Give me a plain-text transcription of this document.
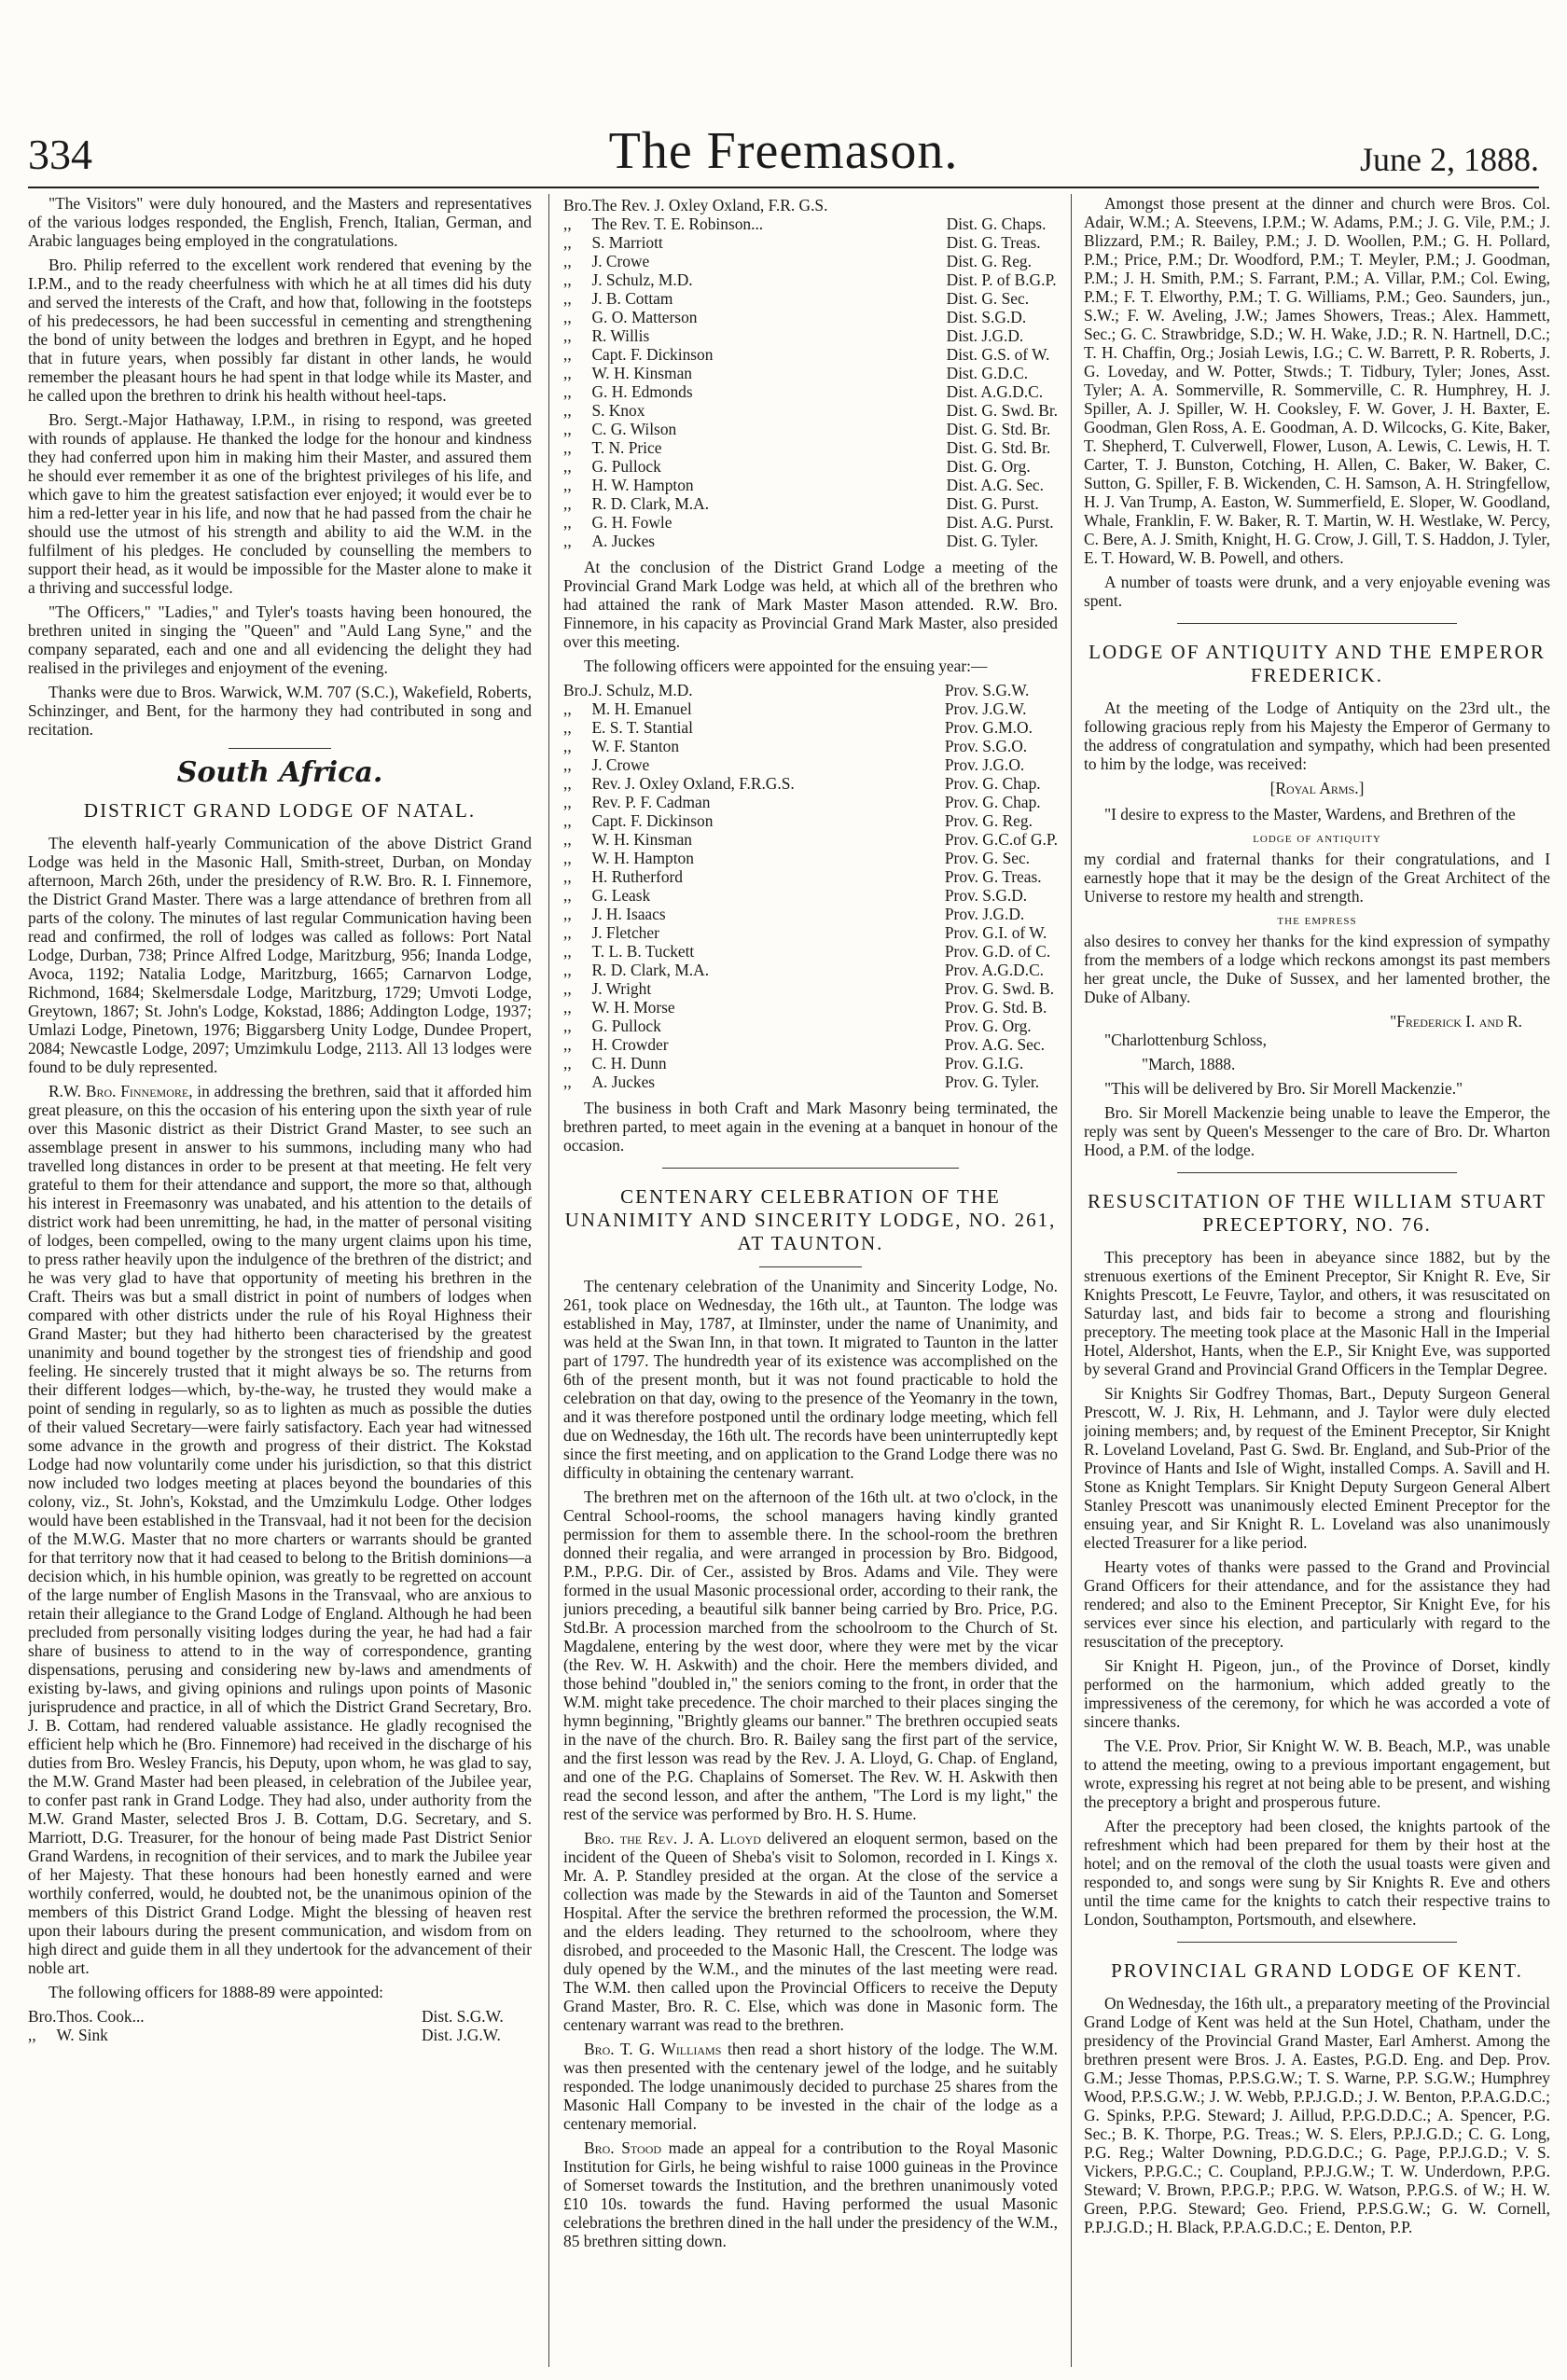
334	The Freemason.	June 2, 1888.

"The Visitors" were duly honoured, and the Masters and representatives of the various lodges responded, the English, French, Italian, German, and Arabic languages being employed in the congratulations.

Bro. Philip referred to the excellent work rendered that evening by the I.P.M., and to the ready cheerfulness with which he at all times did his duty and served the interests of the Craft, and how that, following in the footsteps of his predecessors, he had been successful in cementing and strengthening the bond of unity between the lodges and brethren in Egypt, and he hoped that in future years, when possibly far distant in other lands, he would remember the pleasant hours he had spent in that lodge while its Master, and he called upon the brethren to drink his health without heel-taps.

Bro. Sergt.-Major Hathaway, I.P.M., in rising to respond, was greeted with rounds of applause. He thanked the lodge for the honour and kindness they had conferred upon him in making him their Master, and assured them he should ever remember it as one of the brightest privileges of his life, and which gave to him the greatest satisfaction ever enjoyed; it would ever be to him a red-letter year in his life, and now that he had passed from the chair he should use the utmost of his strength and ability to aid the W.M. in the fulfilment of his pledges. He concluded by counselling the members to support their head, as it would be impossible for the Master alone to make it a thriving and successful lodge.

"The Officers," "Ladies," and Tyler's toasts having been honoured, the brethren united in singing the "Queen" and "Auld Lang Syne," and the company separated, each and one and all evidencing the delight they had realised in the privileges and enjoyment of the evening.

Thanks were due to Bros. Warwick, W.M. 707 (S.C.), Wakefield, Roberts, Schinzinger, and Bent, for the harmony they had contributed in song and recitation.

South Africa.
DISTRICT GRAND LODGE OF NATAL.

The eleventh half-yearly Communication of the above District Grand Lodge was held in the Masonic Hall, Smith-street, Durban, on Monday afternoon, March 26th, under the presidency of R.W. Bro. R. I. Finnemore, the District Grand Master. There was a large attendance of brethren from all parts of the colony. The minutes of last regular Communication having been read and confirmed, the roll of lodges was called as follows: Port Natal Lodge, Durban, 738; Prince Alfred Lodge, Maritzburg, 956; Inanda Lodge, Avoca, 1192; Natalia Lodge, Maritzburg, 1665; Carnarvon Lodge, Richmond, 1684; Skelmersdale Lodge, Maritzburg, 1729; Umvoti Lodge, Greytown, 1867; St. John's Lodge, Kokstad, 1886; Addington Lodge, 1937; Umlazi Lodge, Pinetown, 1976; Biggarsberg Unity Lodge, Dundee Propert, 2084; Newcastle Lodge, 2097; Umzimkulu Lodge, 2113. All 13 lodges were found to be duly represented.

R.W. Bro. Finnemore, in addressing the brethren, said that it afforded him great pleasure, on this the occasion of his entering upon the sixth year of rule over this Masonic district as their District Grand Master, to see such an assemblage present in answer to his summons, including many who had travelled long distances in order to be present at that meeting. He felt very grateful to them for their attendance and support, the more so that, although his interest in Freemasonry was unabated, and his attention to the details of district work had been unremitting, he had, in the matter of personal visiting of lodges, been compelled, owing to the many urgent claims upon his time, to press rather heavily upon the indulgence of the brethren of the district; and he was very glad to have that opportunity of meeting his brethren in the Craft. Theirs was but a small district in point of numbers of lodges when compared with other districts under the rule of his Royal Highness their Grand Master; but they had hitherto been characterised by the greatest unanimity and bound together by the strongest ties of friendship and good feeling. He sincerely trusted that it might always be so. The returns from their different lodges—which, by-the-way, he trusted they would make a point of sending in regularly, so as to lighten as much as possible the duties of their valued Secretary—were fairly satisfactory. Each year had witnessed some advance in the growth and progress of their district. The Kokstad Lodge had now voluntarily come under his jurisdiction, so that this district now included two lodges meeting at places beyond the boundaries of this colony, viz., St. John's, Kokstad, and the Umzimkulu Lodge. Other lodges would have been established in the Transvaal, had it not been for the decision of the M.W.G. Master that no more charters or warrants should be granted for that territory now that it had ceased to belong to the British dominions—a decision which, in his humble opinion, was greatly to be regretted on account of the large number of English Masons in the Transvaal, who are anxious to retain their allegiance to the Grand Lodge of England. Although he had been precluded from personally visiting lodges during the year, he had had a fair share of business to attend to in the way of correspondence, granting dispensations, perusing and considering new by-laws and amendments of existing by-laws, and giving opinions and rulings upon points of Masonic jurisprudence and practice, in all of which the District Grand Secretary, Bro. J. B. Cottam, had rendered valuable assistance. He gladly recognised the efficient help which he (Bro. Finnemore) had received in the discharge of his duties from Bro. Wesley Francis, his Deputy, upon whom, he was glad to say, the M.W. Grand Master had been pleased, in celebration of the Jubilee year, to confer past rank in Grand Lodge. They had also, under authority from the M.W. Grand Master, selected Bros J. B. Cottam, D.G. Secretary, and S. Marriott, D.G. Treasurer, for the honour of being made Past District Senior Grand Wardens, in recognition of their services, and to mark the Jubilee year of her Majesty. That these honours had been honestly earned and were worthily conferred, would, he doubted not, be the unanimous opinion of the members of this District Grand Lodge. Might the blessing of heaven rest upon their labours during the present communication, and wisdom from on high direct and guide them in all they undertook for the advancement of their noble art.

The following officers for 1888-89 were appointed:

Bro.	Thos. Cook...	Dist. S.G.W.
,,	W. Sink	Dist. J.G.W.
Bro.	The Rev. J. Oxley Oxland, F.R. G.S.	
,,	The Rev. T. E. Robinson...	Dist. G. Chaps.
,,	S. Marriott	Dist. G. Treas.
,,	J. Crowe	Dist. G. Reg.
,,	J. Schulz, M.D.	Dist. P. of B.G.P.
,,	J. B. Cottam	Dist. G. Sec.
,,	G. O. Matterson	Dist. S.G.D.
,,	R. Willis	Dist. J.G.D.
,,	Capt. F. Dickinson	Dist. G.S. of W.
,,	W. H. Kinsman	Dist. G.D.C.
,,	G. H. Edmonds	Dist. A.G.D.C.
,,	S. Knox	Dist. G. Swd. Br.
,,	C. G. Wilson	Dist. G. Std. Br.
,,	T. N. Price	Dist. G. Std. Br.
,,	G. Pullock	Dist. G. Org.
,,	H. W. Hampton	Dist. A.G. Sec.
,,	R. D. Clark, M.A.	Dist. G. Purst.
,,	G. H. Fowle	Dist. A.G. Purst.
,,	A. Juckes	Dist. G. Tyler.

At the conclusion of the District Grand Lodge a meeting of the Provincial Grand Mark Lodge was held, at which all of the brethren who had attained the rank of Mark Master Mason attended. R.W. Bro. Finnemore, in his capacity as Provincial Grand Mark Master, also presided over this meeting.

The following officers were appointed for the ensuing year:—

Bro.	J. Schulz, M.D.	Prov. S.G.W.
,,	M. H. Emanuel	Prov. J.G.W.
,,	E. S. T. Stantial	Prov. G.M.O.
,,	W. F. Stanton	Prov. S.G.O.
,,	J. Crowe	Prov. J.G.O.
,,	Rev. J. Oxley Oxland, F.R.G.S.	Prov. G. Chap.
,,	Rev. P. F. Cadman	Prov. G. Chap.
,,	Capt. F. Dickinson	Prov. G. Reg.
,,	W. H. Kinsman	Prov. G.C.of G.P.
,,	W. H. Hampton	Prov. G. Sec.
,,	H. Rutherford	Prov. G. Treas.
,,	G. Leask	Prov. S.G.D.
,,	J. H. Isaacs	Prov. J.G.D.
,,	J. Fletcher	Prov. G.I. of W.
,,	T. L. B. Tuckett	Prov. G.D. of C.
,,	R. D. Clark, M.A.	Prov. A.G.D.C.
,,	J. Wright	Prov. G. Swd. B.
,,	W. H. Morse	Prov. G. Std. B.
,,	G. Pullock	Prov. G. Org.
,,	H. Crowder	Prov. A.G. Sec.
,,	C. H. Dunn	Prov. G.I.G.
,,	A. Juckes	Prov. G. Tyler.

The business in both Craft and Mark Masonry being terminated, the brethren parted, to meet again in the evening at a banquet in honour of the occasion.

CENTENARY CELEBRATION OF THE UNANIMITY AND SINCERITY LODGE, NO. 261, AT TAUNTON.

The centenary celebration of the Unanimity and Sincerity Lodge, No. 261, took place on Wednesday, the 16th ult., at Taunton. The lodge was established in May, 1787, at Ilminster, under the name of Unanimity, and was held at the Swan Inn, in that town. It migrated to Taunton in the latter part of 1797. The hundredth year of its existence was accomplished on the 6th of the present month, but it was not found practicable to hold the celebration on that day, owing to the presence of the Yeomanry in the town, and it was therefore postponed until the ordinary lodge meeting, which fell due on Wednesday, the 16th ult. The records have been uninterruptedly kept since the first meeting, and on application to the Grand Lodge there was no difficulty in obtaining the centenary warrant.

The brethren met on the afternoon of the 16th ult. at two o'clock, in the Central School-rooms, the school managers having kindly granted permission for them to assemble there. In the school-room the brethren donned their regalia, and were arranged in procession by Bro. Bidgood, P.M., P.P.G. Dir. of Cer., assisted by Bros. Adams and Vile. They were formed in the usual Masonic processional order, according to their rank, the juniors preceding, a beautiful silk banner being carried by Bro. Price, P.G. Std.Br. A procession marched from the schoolroom to the Church of St. Magdalene, entering by the west door, where they were met by the vicar (the Rev. W. H. Askwith) and the choir. Here the members divided, and those behind "doubled in," the seniors coming to the front, in order that the W.M. might take precedence. The choir marched to their places singing the hymn beginning, "Brightly gleams our banner." The brethren occupied seats in the nave of the church. Bro. R. Bailey sang the first part of the service, and the first lesson was read by the Rev. J. A. Lloyd, G. Chap. of England, and one of the P.G. Chaplains of Somerset. The Rev. W. H. Askwith then read the second lesson, and after the anthem, "The Lord is my light," the rest of the service was performed by Bro. H. S. Hume.

Bro. the Rev. J. A. Lloyd delivered an eloquent sermon, based on the incident of the Queen of Sheba's visit to Solomon, recorded in I. Kings x. Mr. A. P. Standley presided at the organ. At the close of the service a collection was made by the Stewards in aid of the Taunton and Somerset Hospital. After the service the brethren reformed the procession, the W.M. and the elders leading. They returned to the schoolroom, where they disrobed, and proceeded to the Masonic Hall, the Crescent. The lodge was duly opened by the W.M., and the minutes of the last meeting were read. The W.M. then called upon the Provincial Officers to receive the Deputy Grand Master, Bro. R. C. Else, which was done in Masonic form. The centenary warrant was read to the brethren.

Bro. T. G. Williams then read a short history of the lodge. The W.M. was then presented with the centenary jewel of the lodge, and he suitably responded. The lodge unanimously decided to purchase 25 shares from the Masonic Hall Company to be invested in the chair of the lodge as a centenary memorial.

Bro. Stood made an appeal for a contribution to the Royal Masonic Institution for Girls, he being wishful to raise 1000 guineas in the Province of Somerset towards the Institution, and the brethren unanimously voted £10 10s. towards the fund. Having performed the usual Masonic celebrations the brethren dined in the hall under the presidency of the W.M., 85 brethren sitting down.

Amongst those present at the dinner and church were Bros. Col. Adair, W.M.; A. Steevens, I.P.M.; W. Adams, P.M.; J. G. Vile, P.M.; J. Blizzard, P.M.; R. Bailey, P.M.; J. D. Woollen, P.M.; G. H. Pollard, P.M.; Price, P.M.; Dr. Woodford, P.M.; T. Meyler, P.M.; J. Goodman, P.M.; J. H. Smith, P.M.; S. Farrant, P.M.; A. Villar, P.M.; Col. Ewing, P.M.; F. T. Elworthy, P.M.; T. G. Williams, P.M.; Geo. Saunders, jun., S.W.; F. W. Aveling, J.W.; James Showers, Treas.; Alex. Hammett, Sec.; G. C. Strawbridge, S.D.; W. H. Wake, J.D.; R. N. Hartnell, D.C.; T. H. Chaffin, Org.; Josiah Lewis, I.G.; C. W. Barrett, P. R. Roberts, J. G. Loveday, and W. Potter, Stwds.; T. Tidbury, Tyler; Jones, Asst. Tyler; A. A. Sommerville, R. Sommerville, C. R. Humphrey, H. J. Spiller, A. J. Spiller, W. H. Cooksley, F. W. Gover, J. H. Baxter, E. Goodman, Glen Ross, A. E. Goodman, A. D. Wilcocks, G. Kite, Baker, T. Shepherd, T. Culverwell, Flower, Luson, A. Lewis, C. Lewis, H. T. Carter, T. J. Bunston, Cotching, H. Allen, C. Baker, W. Baker, C. Sutton, G. Spiller, F. B. Wickenden, C. H. Samson, A. H. Stringfellow, H. J. Van Trump, A. Easton, W. Summerfield, E. Sloper, W. Goodland, Whale, Franklin, F. W. Baker, R. T. Martin, W. H. Westlake, W. Percy, C. Bere, A. J. Smith, Knight, H. G. Crow, J. Gill, T. S. Haddon, J. Tyler, E. T. Howard, W. B. Powell, and others.

A number of toasts were drunk, and a very enjoyable evening was spent.

LODGE OF ANTIQUITY AND THE EMPEROR FREDERICK.

At the meeting of the Lodge of Antiquity on the 23rd ult., the following gracious reply from his Majesty the Emperor of Germany to the address of congratulation and sympathy, which had been presented to him by the lodge, was received:

[Royal Arms.]

"I desire to express to the Master, Wardens, and Brethren of the

lodge of antiquity

my cordial and fraternal thanks for their congratulations, and I earnestly hope that it may be the design of the Great Architect of the Universe to restore my health and strength.

the empress

also desires to convey her thanks for the kind expression of sympathy from the members of a lodge which reckons amongst its past members her great uncle, the Duke of Sussex, and her lamented brother, the Duke of Albany.

"Frederick I. and R.

"Charlottenburg Schloss,

"March, 1888.

"This will be delivered by Bro. Sir Morell Mackenzie."

Bro. Sir Morell Mackenzie being unable to leave the Emperor, the reply was sent by Queen's Messenger to the care of Bro. Dr. Wharton Hood, a P.M. of the lodge.

RESUSCITATION OF THE WILLIAM STUART PRECEPTORY, NO. 76.

This preceptory has been in abeyance since 1882, but by the strenuous exertions of the Eminent Preceptor, Sir Knight R. Eve, Sir Knights Prescott, Le Feuvre, Taylor, and others, it was resuscitated on Saturday last, and bids fair to become a strong and flourishing preceptory. The meeting took place at the Masonic Hall in the Imperial Hotel, Aldershot, Hants, when the E.P., Sir Knight Eve, was supported by several Grand and Provincial Grand Officers in the Templar Degree.

Sir Knights Sir Godfrey Thomas, Bart., Deputy Surgeon General Prescott, W. J. Rix, H. Lehmann, and J. Taylor were duly elected joining members; and, by request of the Eminent Preceptor, Sir Knight R. Loveland Loveland, Past G. Swd. Br. England, and Sub-Prior of the Province of Hants and Isle of Wight, installed Comps. A. Savill and H. Stone as Knight Templars. Sir Knight Deputy Surgeon General Albert Stanley Prescott was unanimously elected Eminent Preceptor for the ensuing year, and Sir Knight R. L. Loveland was also unanimously elected Treasurer for a like period.

Hearty votes of thanks were passed to the Grand and Provincial Grand Officers for their attendance, and for the assistance they had rendered; and also to the Eminent Preceptor, Sir Knight Eve, for his services ever since his election, and particularly with regard to the resuscitation of the preceptory.

Sir Knight H. Pigeon, jun., of the Province of Dorset, kindly performed on the harmonium, which added greatly to the impressiveness of the ceremony, for which he was accorded a vote of sincere thanks.

The V.E. Prov. Prior, Sir Knight W. W. B. Beach, M.P., was unable to attend the meeting, owing to a previous important engagement, but wrote, expressing his regret at not being able to be present, and wishing the preceptory a bright and prosperous future.

After the preceptory had been closed, the knights partook of the refreshment which had been prepared for them by their host at the hotel; and on the removal of the cloth the usual toasts were given and responded to, and songs were sung by Sir Knights R. Eve and others until the time came for the knights to catch their respective trains to London, Southampton, Portsmouth, and elsewhere.

PROVINCIAL GRAND LODGE OF KENT.

On Wednesday, the 16th ult., a preparatory meeting of the Provincial Grand Lodge of Kent was held at the Sun Hotel, Chatham, under the presidency of the Provincial Grand Master, Earl Amherst. Among the brethren present were Bros. J. A. Eastes, P.G.D. Eng. and Dep. Prov. G.M.; Jesse Thomas, P.P.S.G.W.; T. S. Warne, P.P. S.G.W.; Humphrey Wood, P.P.S.G.W.; J. W. Webb, P.P.J.G.D.; J. W. Benton, P.P.A.G.D.C.; G. Spinks, P.P.G. Steward; J. Aillud, P.P.G.D.D.C.; A. Spencer, P.G. Sec.; B. K. Thorpe, P.G. Treas.; W. S. Elers, P.P.J.G.D.; C. G. Long, P.G. Reg.; Walter Downing, P.D.G.D.C.; G. Page, P.P.J.G.D.; V. S. Vickers, P.P.G.C.; C. Coupland, P.P.J.G.W.; T. W. Underdown, P.P.G. Steward; V. Brown, P.P.G.P.; P.P.G. W. Watson, P.P.G.S. of W.; H. W. Green, P.P.G. Steward; Geo. Friend, P.P.S.G.W.; G. W. Cornell, P.P.J.G.D.; H. Black, P.P.A.G.D.C.; E. Denton, P.P.
